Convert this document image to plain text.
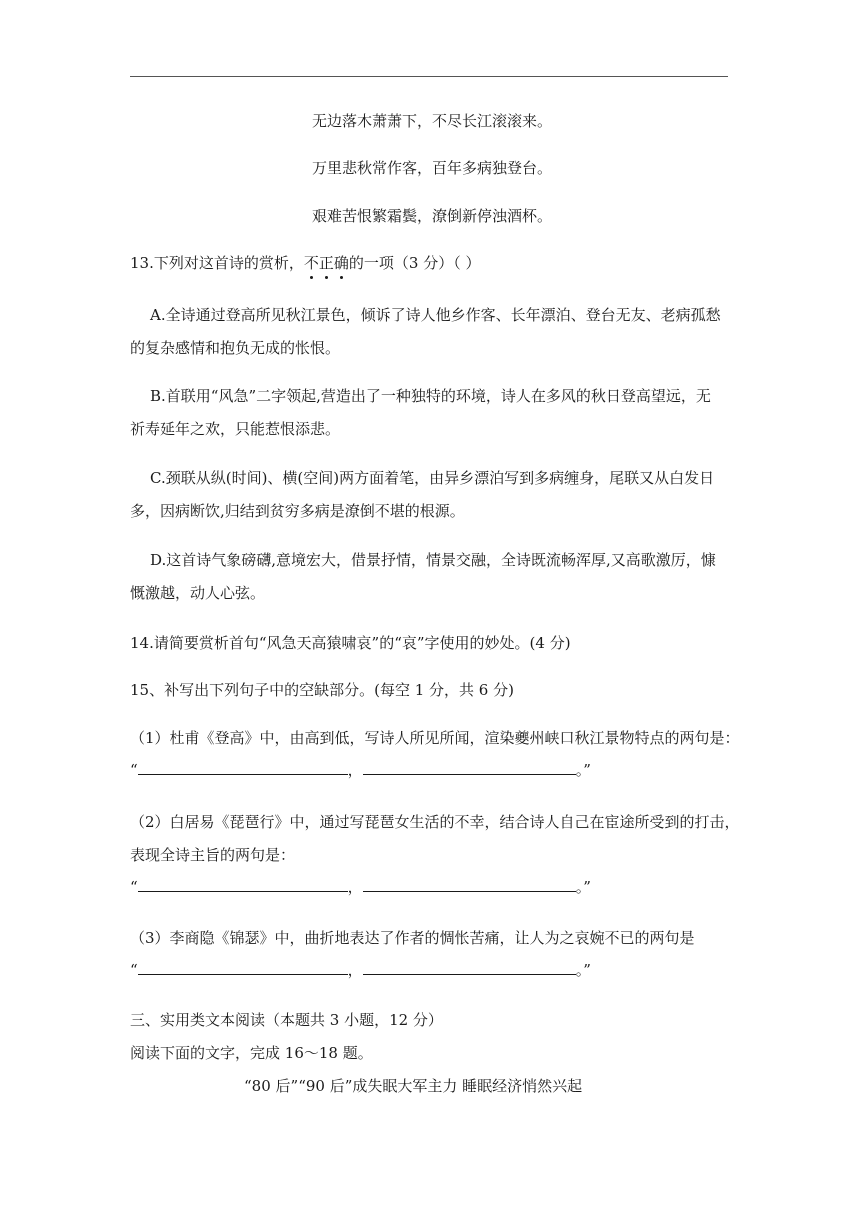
无边落木萧萧下，不尽长江滚滚来。
万里悲秋常作客，百年多病独登台。
艰难苦恨繁霜鬓，潦倒新停浊酒杯。
13.下列对这首诗的赏析，不正确的一项（3 分）（ ）
A.全诗通过登高所见秋江景色，倾诉了诗人他乡作客、长年漂泊、登台无友、老病孤愁
的复杂感情和抱负无成的怅恨。
B.首联用“风急”二字领起,营造出了一种独特的环境，诗人在多风的秋日登高望远，无
祈寿延年之欢，只能惹恨添悲。
C.颈联从纵(时间)、横(空间)两方面着笔，由异乡漂泊写到多病缠身，尾联又从白发日
多，因病断饮,归结到贫穷多病是潦倒不堪的根源。
D.这首诗气象磅礴,意境宏大，借景抒情，情景交融，全诗既流畅浑厚,又高歌激厉，慷
慨激越，动人心弦。
14.请简要赏析首句“风急天高猿啸哀”的“哀”字使用的妙处。(4 分)
15、补写出下列句子中的空缺部分。(每空 1 分，共 6 分)
（1）杜甫《登高》中，由高到低，写诗人所见所闻，渲染夔州峡口秋江景物特点的两句是：
“	，	。”
（2）白居易《琵琶行》中，通过写琵琶女生活的不幸，结合诗人自己在宦途所受到的打击，
表现全诗主旨的两句是：
“	，	。”
（3）李商隐《锦瑟》中，曲折地表达了作者的惆怅苦痛，让人为之哀婉不已的两句是
“	，	。”
三、实用类文本阅读（本题共 3 小题，12 分）
阅读下面的文字，完成 16～18 题。
“80 后”“90 后”成失眠大军主力 睡眠经济悄然兴起
